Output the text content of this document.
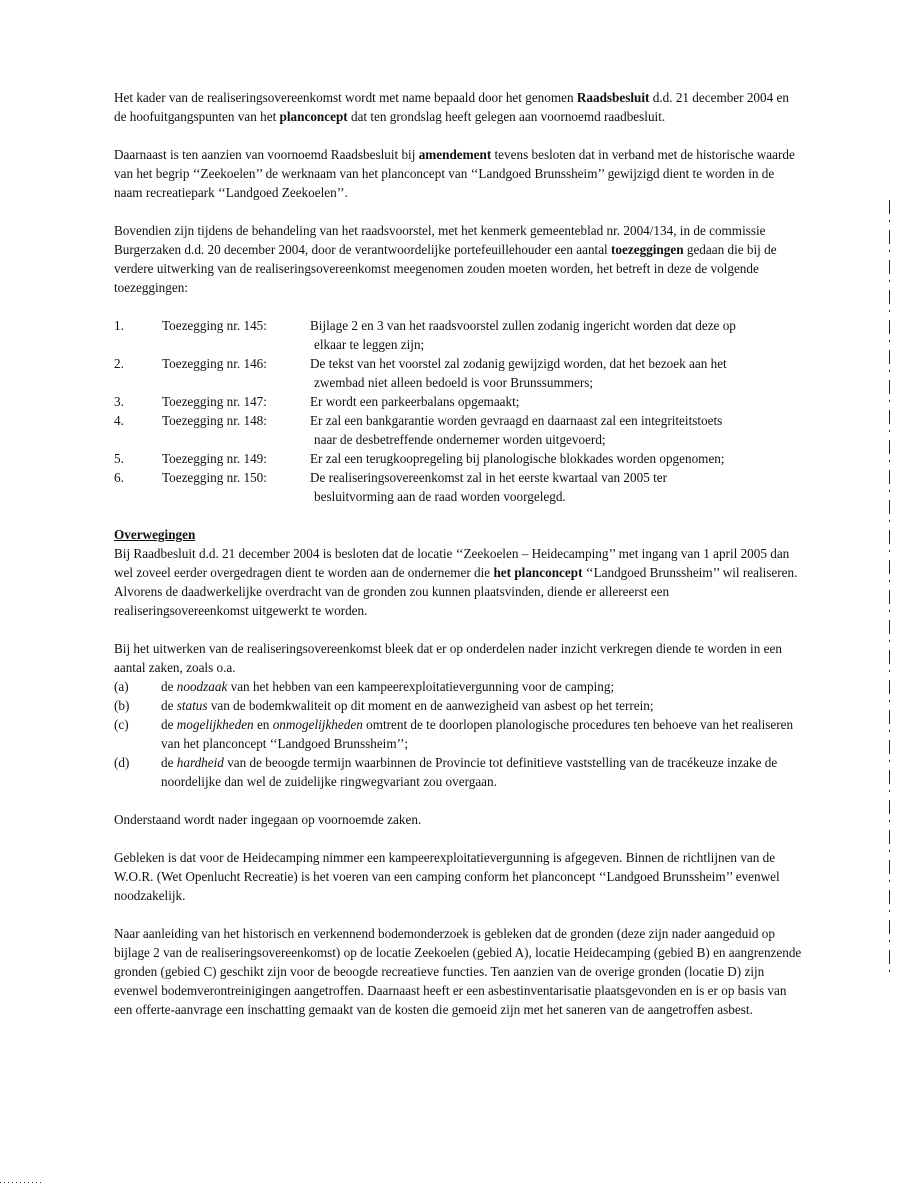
Het kader van de realiseringsovereenkomst wordt met name bepaald door het genomen Raadsbesluit d.d. 21 december 2004 en de hoofuitgangspunten van het planconcept dat ten grondslag heeft gelegen aan voornoemd raadbesluit.

Daarnaast is ten aanzien van voornoemd Raadsbesluit bij amendement tevens besloten dat in verband met de historische waarde van het begrip ‘‘Zeekoelen’’ de werknaam van het planconcept van ‘‘Landgoed Brunssheim’’ gewijzigd dient te worden in de naam recreatiepark ‘‘Landgoed Zeekoelen’’.

Bovendien zijn tijdens de behandeling van het raadsvoorstel, met het kenmerk gemeenteblad nr. 2004/134, in de commissie Burgerzaken d.d. 20 december 2004, door de verantwoordelijke portefeuillehouder een aantal toezeggingen gedaan die bij de verdere uitwerking van de realiseringsovereenkomst meegenomen zouden moeten worden, het betreft in deze de volgende toezeggingen:

1.	Toezegging nr. 145:	Bijlage 2 en 3 van het raadsvoorstel zullen zodanig ingericht worden dat deze op
elkaar te leggen zijn;
2.	Toezegging nr. 146:	De tekst van het voorstel zal zodanig gewijzigd worden, dat het bezoek aan het
zwembad niet alleen bedoeld is voor Brunssummers;
3.	Toezegging nr. 147:	Er wordt een parkeerbalans opgemaakt;
4.	Toezegging nr. 148:	Er zal een bankgarantie worden gevraagd en daarnaast zal een integriteitstoets
naar de desbetreffende ondernemer worden uitgevoerd;
5.	Toezegging nr. 149:	Er zal een terugkoopregeling bij planologische blokkades worden opgenomen;
6.	Toezegging nr. 150:	De realiseringsovereenkomst zal in het eerste kwartaal van 2005 ter
besluitvorming aan de raad worden voorgelegd.

Overwegingen
Bij Raadbesluit d.d. 21 december 2004 is besloten dat de locatie ‘‘Zeekoelen – Heidecamping’’ met ingang van 1 april 2005 dan wel zoveel eerder overgedragen dient te worden aan de ondernemer die het planconcept ‘‘Landgoed Brunssheim’’ wil realiseren. Alvorens de daadwerkelijke overdracht van de gronden zou kunnen plaatsvinden, diende er allereerst een realiseringsovereenkomst uitgewerkt te worden.

Bij het uitwerken van de realiseringsovereenkomst bleek dat er op onderdelen nader inzicht verkregen diende te worden in een aantal zaken, zoals o.a.
(a)	de noodzaak van het hebben van een kampeerexploitatievergunning voor de camping;
(b)	de status van de bodemkwaliteit op dit moment en de aanwezigheid van asbest op het terrein;
(c)	de mogelijkheden en onmogelijkheden omtrent de te doorlopen planologische procedures ten behoeve van het realiseren van het planconcept ‘‘Landgoed Brunssheim’’;
(d)	de hardheid van de beoogde termijn waarbinnen de Provincie tot definitieve vaststelling van de tracékeuze inzake de noordelijke dan wel de zuidelijke ringwegvariant zou overgaan.

Onderstaand wordt nader ingegaan op voornoemde zaken.

Gebleken is dat voor de Heidecamping nimmer een kampeerexploitatievergunning is afgegeven. Binnen de richtlijnen van de W.O.R. (Wet Openlucht Recreatie) is het voeren van een camping conform het planconcept ‘‘Landgoed Brunssheim’’ evenwel noodzakelijk.

Naar aanleiding van het historisch en verkennend bodemonderzoek is gebleken dat de gronden (deze zijn nader aangeduid op bijlage 2 van de realiseringsovereenkomst) op de locatie Zeekoelen (gebied A), locatie Heidecamping (gebied B) en aangrenzende gronden (gebied C) geschikt zijn voor de beoogde recreatieve functies. Ten aanzien van de overige gronden (locatie D) zijn evenwel bodemverontreinigingen aangetroffen. Daarnaast heeft er een asbestinventarisatie plaatsgevonden en is er op basis van een offerte-aanvrage een inschatting gemaakt van de kosten die gemoeid zijn met het saneren van de aangetroffen asbest.
